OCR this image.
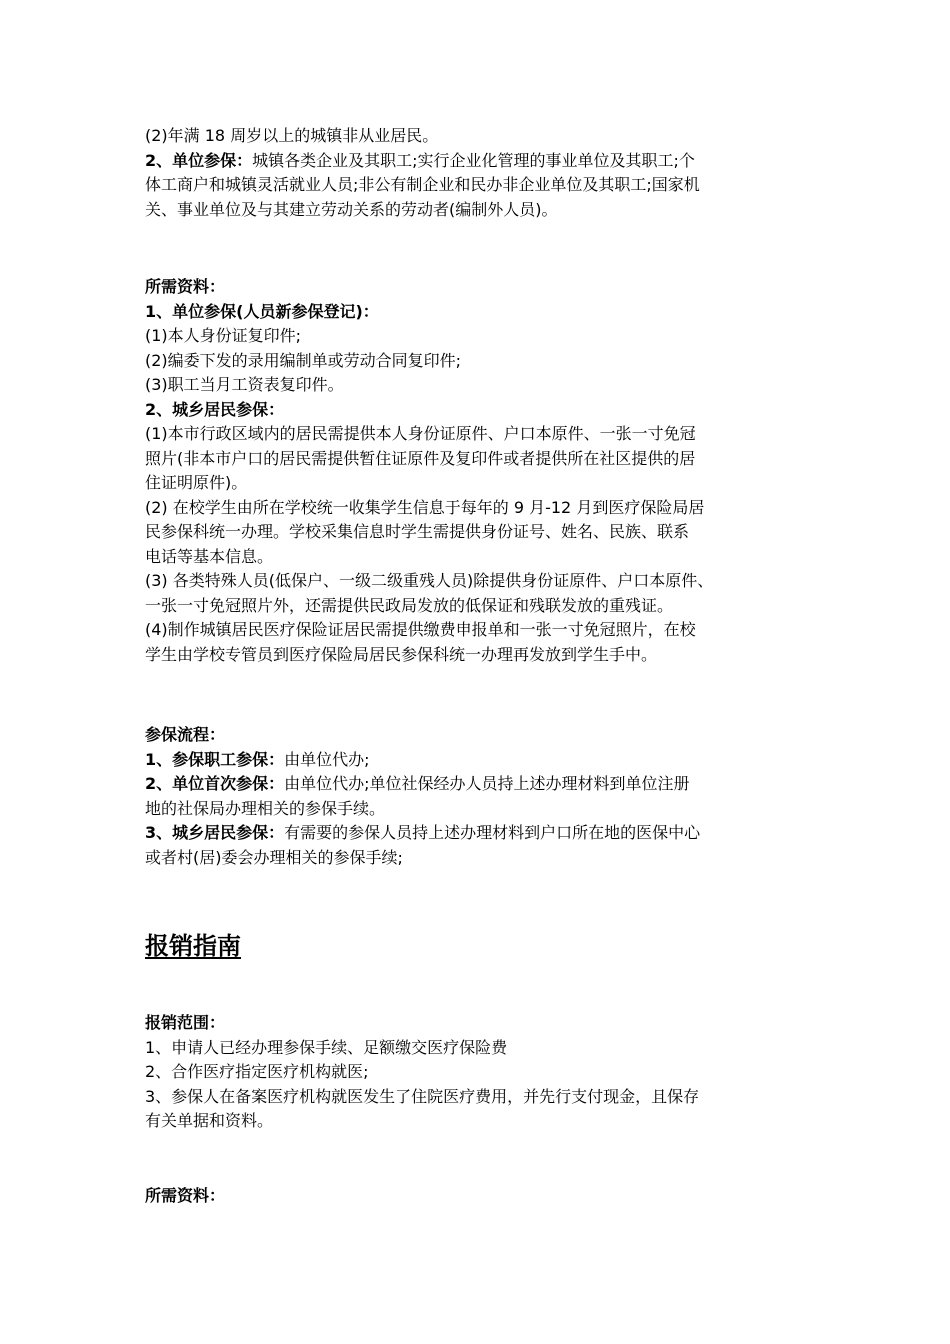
(2)年满 18 周岁以上的城镇非从业居民。
2、单位参保：城镇各类企业及其职工;实行企业化管理的事业单位及其职工;个
体工商户和城镇灵活就业人员;非公有制企业和民办非企业单位及其职工;国家机
关、事业单位及与其建立劳动关系的劳动者(编制外人员)。
所需资料：
1、单位参保(人员新参保登记)：
(1)本人身份证复印件;
(2)编委下发的录用编制单或劳动合同复印件;
(3)职工当月工资表复印件。
2、城乡居民参保：
(1)本市行政区域内的居民需提供本人身份证原件、户口本原件、一张一寸免冠
照片(非本市户口的居民需提供暂住证原件及复印件或者提供所在社区提供的居
住证明原件)。
(2) 在校学生由所在学校统一收集学生信息于每年的 9 月-12 月到医疗保险局居
民参保科统一办理。学校采集信息时学生需提供身份证号、姓名、民族、联系
电话等基本信息。
(3) 各类特殊人员(低保户、一级二级重残人员)除提供身份证原件、户口本原件、
一张一寸免冠照片外，还需提供民政局发放的低保证和残联发放的重残证。
(4)制作城镇居民医疗保险证居民需提供缴费申报单和一张一寸免冠照片，在校
学生由学校专管员到医疗保险局居民参保科统一办理再发放到学生手中。
参保流程：
1、参保职工参保：由单位代办;
2、单位首次参保：由单位代办;单位社保经办人员持上述办理材料到单位注册
地的社保局办理相关的参保手续。
3、城乡居民参保：有需要的参保人员持上述办理材料到户口所在地的医保中心
或者村(居)委会办理相关的参保手续;
报销指南
报销范围：
1、申请人已经办理参保手续、足额缴交医疗保险费
2、合作医疗指定医疗机构就医;
3、参保人在备案医疗机构就医发生了住院医疗费用，并先行支付现金，且保存
有关单据和资料。
所需资料：
